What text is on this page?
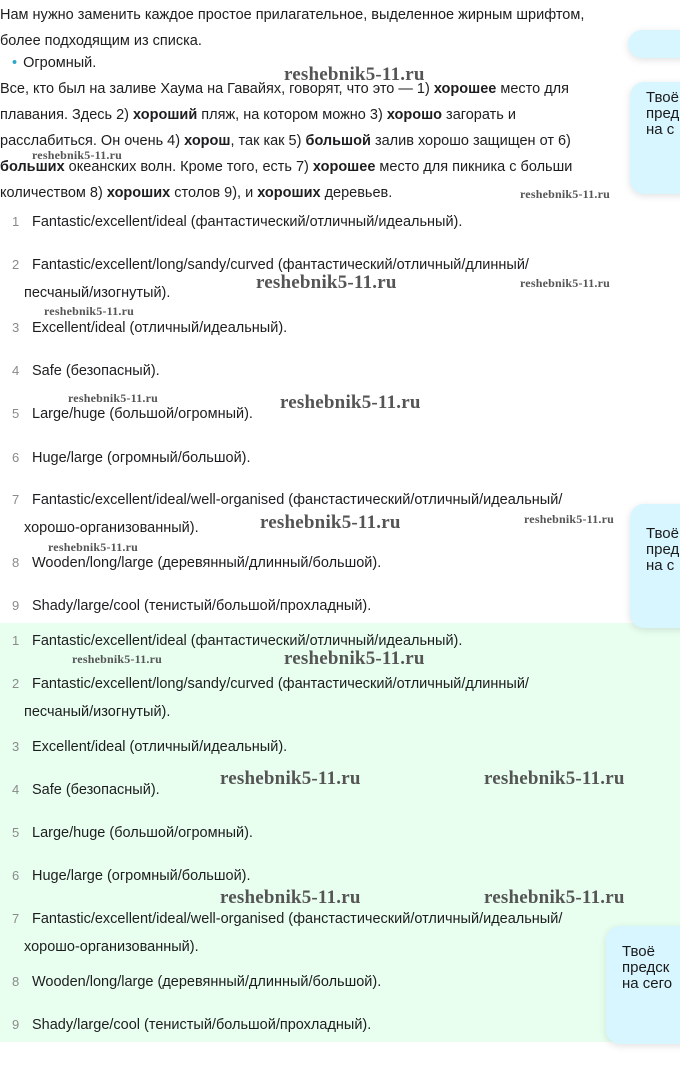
Нам нужно заменить каждое простое прилагательное, выделенное жирным шрифтом,
более подходящим из списка.
• Огромный.
Все, кто был на заливе Хаума на Гавайях, говорят, что это — 1) хорошее место для
плавания. Здесь 2) хороший пляж, на котором можно 3) хорошо загорать и
расслабиться. Он очень 4) хорош, так как 5) большой залив хорошо защищен от 6)
больших океанских волн. Кроме того, есть 7) хорошее место для пикника с больши
количеством 8) хороших столов 9), и хороших деревьев.
1 Fantastic/excellent/ideal (фантастический/отличный/идеальный).
2 Fantastic/excellent/long/sandy/curved (фантастический/отличный/длинный/
песчаный/изогнутый).
3 Excellent/ideal (отличный/идеальный).
4 Safe (безопасный).
5 Large/huge (большой/огромный).
6 Huge/large (огромный/большой).
7 Fantastic/excellent/ideal/well-organised (фанстастический/отличный/идеальный/
хорошо-организованный).
8 Wooden/long/large (деревянный/длинный/большой).
9 Shady/large/cool (тенистый/большой/прохладный).
1 Fantastic/excellent/ideal (фантастический/отличный/идеальный).
2 Fantastic/excellent/long/sandy/curved (фантастический/отличный/длинный/
песчаный/изогнутый).
3 Excellent/ideal (отличный/идеальный).
4 Safe (безопасный).
5 Large/huge (большой/огромный).
6 Huge/large (огромный/большой).
7 Fantastic/excellent/ideal/well-organised (фанстастический/отличный/идеальный/
хорошо-организованный).
8 Wooden/long/large (деревянный/длинный/большой).
9 Shady/large/cool (тенистый/большой/прохладный).
reshebnik5-11.ru
reshebnik5-11.ru
reshebnik5-11.ru
reshebnik5-11.ru	reshebnik5-11.ru
reshebnik5-11.ru
reshebnik5-11.ru	reshebnik5-11.ru
reshebnik5-11.ru	reshebnik5-11.ru
reshebnik5-11.ru
reshebnik5-11.ru	reshebnik5-11.ru
reshebnik5-11.ru	reshebnik5-11.ru
reshebnik5-11.ru	reshebnik5-11.ru
Твоё
пред
на с
Твоё
пред
на с
Твоё
предск
на сего
